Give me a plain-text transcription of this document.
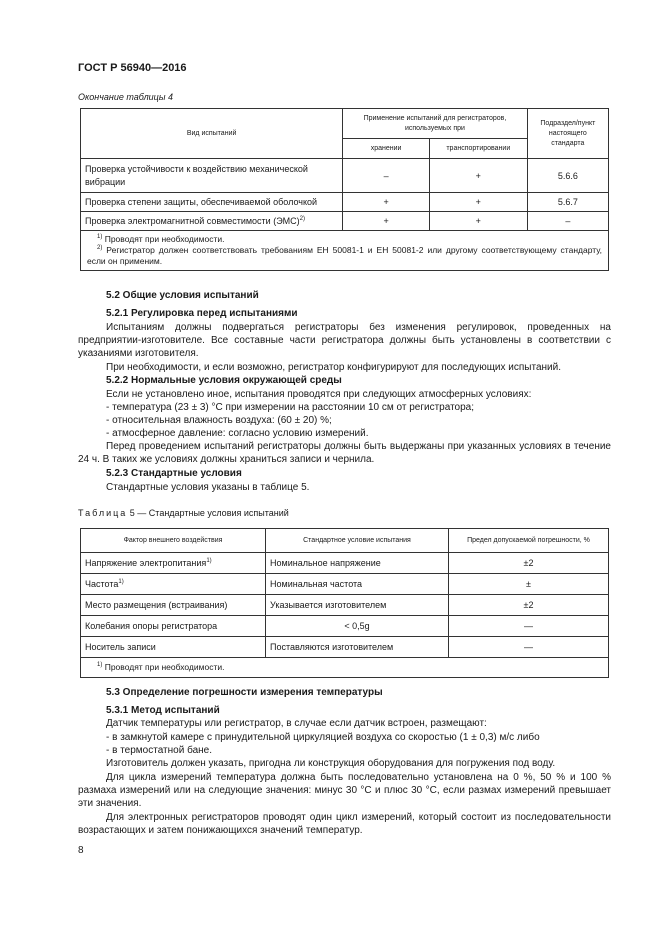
ГОСТ Р 56940—2016
Окончание таблицы 4
Вид испытаний	Применение испытаний для регистраторов, используемых при		Подраздел/пункт настоящего стандарта
	хранении	транспортировании	
Проверка устойчивости к воздействию механической вибрации	–	+	5.6.6
Проверка степени защиты, обеспечиваемой оболочкой	+	+	5.6.7
Проверка электромагнитной совместимости (ЭМС)$^{2)}$	+	+	–

$^{1)}$ Проводят при необходимости.
$^{2)}$ Регистратор должен соответствовать требованиям ЕН 50081-1 и ЕН 50081-2 или другому соответствующему стандарту, если он применим.			

5.2 Общие условия испытаний

5.2.1 Регулировка перед испытаниями

Испытаниям должны подвергаться регистраторы без изменения регулировок, проведенных на предприятии-изготовителе. Все составные части регистратора должны быть установлены в соответствии с указаниями изготовителя.

При необходимости, и если возможно, регистратор конфигурируют для последующих испытаний.

5.2.2 Нормальные условия окружающей среды

Если не установлено иное, испытания проводятся при следующих атмосферных условиях:

- температура (23 ± 3) °С при измерении на расстоянии 10 см от регистратора;

- относительная влажность воздуха: (60 ± 20) %;

- атмосферное давление: согласно условию измерений.

Перед проведением испытаний регистраторы должны быть выдержаны при указанных условиях в течение 24 ч. В таких же условиях должны храниться записи и чернила.

5.2.3 Стандартные условия

Стандартные условия указаны в таблице 5.

Таблица 5 — Стандартные условия испытаний
Фактор внешнего воздействия	Стандартное условие испытания	Предел допускаемой погрешности, %
Напряжение электропитания$^{1)}$	Номинальное напряжение	±2
Частота$^{1)}$	Номинальная частота	±
Место размещения (встраивания)	Указывается изготовителем	±2
Колебания опоры регистратора	< 0,5g	—
Носитель записи	Поставляются изготовителем	—
$^{1)}$ Проводят при необходимости.		

5.3 Определение погрешности измерения температуры

5.3.1 Метод испытаний

Датчик температуры или регистратор, в случае если датчик встроен, размещают:

- в замкнутой камере с принудительной циркуляцией воздуха со скоростью (1 ± 0,3) м/с либо

- в термостатной бане.

Изготовитель должен указать, пригодна ли конструкция оборудования для погружения под воду.

Для цикла измерений температура должна быть последовательно установлена на 0 %, 50 % и 100 % размаха измерений или на следующие значения: минус 30 °С и плюс 30 °С, если размах измерений превышает эти значения.

Для электронных регистраторов проводят один цикл измерений, который состоит из последовательности возрастающих и затем понижающихся значений температур.

8
